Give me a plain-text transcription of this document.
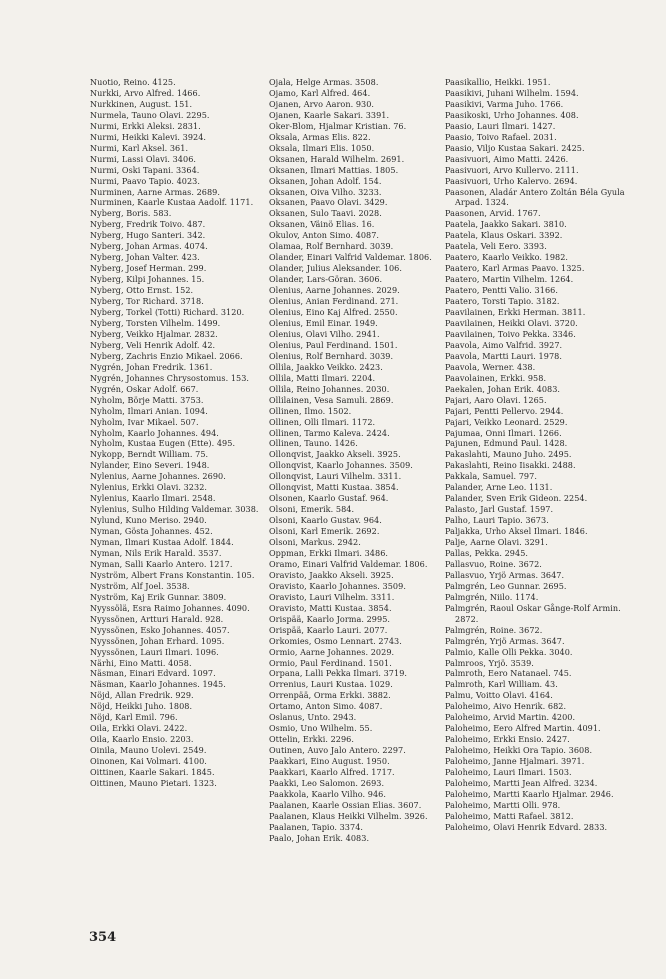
Nuotio, Reino. 4125.
Nurkki, Arvo Alfred. 1466.
Nurkkinen, August. 151.
Nurmela, Tauno Olavi. 2295.
Nurmi, Erkki Aleksi. 2831.
Nurmi, Heikki Kalevi. 3924.
Nurmi, Karl Aksel. 361.
Nurmi, Lassi Olavi. 3406.
Nurmi, Oski Tapani. 3364.
Nurmi, Paavo Tapio. 4023.
Nurminen, Aarne Armas. 2689.
Nurminen, Kaarle Kustaa Aadolf. 1171.
Nyberg, Boris. 583.
Nyberg, Fredrik Toivo. 487.
Nyberg, Hugo Santeri. 342.
Nyberg, Johan Armas. 4074.
Nyberg, Johan Valter. 423.
Nyberg, Josef Herman. 299.
Nyberg, Kilpi Johannes. 15.
Nyberg, Otto Ernst. 152.
Nyberg, Tor Richard. 3718.
Nyberg, Torkel (Totti) Richard. 3120.
Nyberg, Torsten Vilhelm. 1499.
Nyberg, Veikko Hjalmar. 2832.
Nyberg, Veli Henrik Adolf. 42.
Nyberg, Zachris Enzio Mikael. 2066.
Nygrén, Johan Fredrik. 1361.
Nygrén, Johannes Chrysostomus. 153.
Nygrén, Oskar Adolf. 667.
Nyholm, Börje Matti. 3753.
Nyholm, Ilmari Anian. 1094.
Nyholm, Ivar Mikael. 507.
Nyholm, Kaarlo Johannes. 494.
Nyholm, Kustaa Eugen (Ette). 495.
Nykopp, Berndt William. 75.
Nylander, Eino Severi. 1948.
Nylenius, Aarne Johannes. 2690.
Nylenius, Erkki Olavi. 3232.
Nylenius, Kaarlo Ilmari. 2548.
Nylenius, Sulho Hilding Valdemar. 3038.
Nylund, Kuno Meriso. 2940.
Nyman, Gösta Johannes. 452.
Nyman, Ilmari Kustaa Adolf. 1844.
Nyman, Nils Erik Harald. 3537.
Nyman, Salli Kaarlo Antero. 1217.
Nyström, Albert Frans Konstantin. 105.
Nyström, Alf Joel. 3538.
Nyström, Kaj Erik Gunnar. 3809.
Nyyssölä, Esra Raimo Johannes. 4090.
Nyyssönen, Artturi Harald. 928.
Nyyssönen, Esko Johannes. 4057.
Nyyssönen, Johan Erhard. 1095.
Nyyssönen, Lauri Ilmari. 1096.
Närhi, Eino Matti. 4058.
Näsman, Einari Edvard. 1097.
Näsman, Kaarlo Johannes. 1945.
Nöjd, Allan Fredrik. 929.
Nöjd, Heikki Juho. 1808.
Nöjd, Karl Emil. 796.
Oila, Erkki Olavi. 2422.
Oila, Kaarlo Ensio. 2203.
Oinila, Mauno Uolevi. 2549.
Oinonen, Kai Volmari. 4100.
Oittinen, Kaarle Sakari. 1845.
Oittinen, Mauno Pietari. 1323.
Ojala, Helge Armas. 3508.
Ojamo, Karl Alfred. 464.
Ojanen, Arvo Aaron. 930.
Ojanen, Kaarle Sakari. 3391.
Oker-Blom, Hjalmar Kristian. 76.
Oksala, Armas Elis. 822.
Oksala, Ilmari Elis. 1050.
Oksanen, Harald Wilhelm. 2691.
Oksanen, Ilmari Mattias. 1805.
Oksanen, Johan Adolf. 154.
Oksanen, Oiva Vilho. 3233.
Oksanen, Paavo Olavi. 3429.
Oksanen, Sulo Taavi. 2028.
Oksanen, Väinö Elias. 16.
Okulov, Anton Simo. 4087.
Olamaa, Rolf Bernhard. 3039.
Olander, Einari Valfrid Valdemar. 1806.
Olander, Julius Aleksander. 106.
Olander, Lars-Göran. 3606.
Olenius, Aarne Johannes. 2029.
Olenius, Anian Ferdinand. 271.
Olenius, Eino Kaj Alfred. 2550.
Olenius, Emil Einar. 1949.
Olenius, Olavi Vilho. 2941.
Olenius, Paul Ferdinand. 1501.
Olenius, Rolf Bernhard. 3039.
Ollila, Jaakko Veikko. 2423.
Ollila, Matti Ilmari. 2204.
Ollila, Reino Johannes. 2030.
Ollilainen, Vesa Samuli. 2869.
Ollinen, Ilmo. 1502.
Ollinen, Olli Ilmari. 1172.
Ollinen, Tarmo Kaleva. 2424.
Ollinen, Tauno. 1426.
Ollonqvist, Jaakko Akseli. 3925.
Ollonqvist, Kaarlo Johannes. 3509.
Ollonqvist, Lauri Vilhelm. 3311.
Ollonqvist, Matti Kustaa. 3854.
Olsonen, Kaarlo Gustaf. 964.
Olsoni, Emerik. 584.
Olsoni, Kaarlo Gustav. 964.
Olsoni, Karl Emerik. 2692.
Olsoni, Markus. 2942.
Oppman, Erkki Ilmari. 3486.
Oramo, Einari Valfrid Valdemar. 1806.
Oravisto, Jaakko Akseli. 3925.
Oravisto, Kaarlo Johannes. 3509.
Oravisto, Lauri Vilhelm. 3311.
Oravisto, Matti Kustaa. 3854.
Orispää, Kaarlo Jorma. 2995.
Orispää, Kaarlo Lauri. 2077.
Orkomies, Osmo Lennart. 2743.
Ormio, Aarne Johannes. 2029.
Ormio, Paul Ferdinand. 1501.
Orpana, Lalli Pekka Ilmari. 3719.
Orrenius, Lauri Kustaa. 1029.
Orrenpää, Orma Erkki. 3882.
Ortamo, Anton Simo. 4087.
Oslanus, Unto. 2943.
Osmio, Uno Wilhelm. 55.
Ottelin, Erkki. 2296.
Outinen, Auvo Jalo Antero. 2297.
Paakkari, Eino August. 1950.
Paakkari, Kaarlo Alfred. 1717.
Paakki, Leo Salomon. 2693.
Paakkola, Kaarlo Vilho. 946.
Paalanen, Kaarle Ossian Elias. 3607.
Paalanen, Klaus Heikki Vilhelm. 3926.
Paalanen, Tapio. 3374.
Paalo, Johan Erik. 4083.
Paasikallio, Heikki. 1951.
Paasikivi, Juhani Wilhelm. 1594.
Paasikivi, Varma Juho. 1766.
Paasikoski, Urho Johannes. 408.
Paasio, Lauri Ilmari. 1427.
Paasio, Toivo Rafael. 2031.
Paasio, Viljo Kustaa Sakari. 2425.
Paasivuori, Aimo Matti. 2426.
Paasivuori, Arvo Kullervo. 2111.
Paasivuori, Urho Kalervo. 2694.
Paasonen, Aladár Antero Zoltán Béla Gyula Arpad. 1324.
Paasonen, Arvid. 1767.
Paatela, Jaakko Sakari. 3810.
Paatela, Klaus Oskari. 3392.
Paatela, Veli Eero. 3393.
Paatero, Kaarlo Veikko. 1982.
Paatero, Karl Armas Paavo. 1325.
Paatero, Martin Vilhelm. 1264.
Paatero, Pentti Valio. 3166.
Paatero, Torsti Tapio. 3182.
Paavilainen, Erkki Herman. 3811.
Paavilainen, Heikki Olavi. 3720.
Paavilainen, Toivo Pekka. 3346.
Paavola, Aimo Valfrid. 3927.
Paavola, Martti Lauri. 1978.
Paavola, Werner. 438.
Paavolainen, Erkki. 958.
Paekalen, Johan Erik. 4083.
Pajari, Aaro Olavi. 1265.
Pajari, Pentti Pellervo. 2944.
Pajari, Veikko Leonard. 2529.
Pajumaa, Onni Ilmari. 1266.
Pajunen, Edmund Paul. 1428.
Pakaslahti, Mauno Juho. 2495.
Pakaslahti, Reino Iisakki. 2488.
Pakkala, Samuel. 797.
Palander, Arne Leo. 1131.
Palander, Sven Erik Gideon. 2254.
Palasto, Jarl Gustaf. 1597.
Palho, Lauri Tapio. 3673.
Paljakka, Urho Aksel Ilmari. 1846.
Palje, Aarne Olavi. 3291.
Pallas, Pekka. 2945.
Pallasvuo, Roine. 3672.
Pallasvuo, Yrjö Armas. 3647.
Palmgrén, Leo Gunnar. 2695.
Palmgrén, Niilo. 1174.
Palmgrén, Raoul Oskar Gånge-Rolf Armin. 2872.
Palmgrén, Roine. 3672.
Palmgrén, Yrjö Armas. 3647.
Palmio, Kalle Olli Pekka. 3040.
Palmroos, Yrjö. 3539.
Palmroth, Eero Natanael. 745.
Palmroth, Karl William. 43.
Palmu, Voitto Olavi. 4164.
Paloheimo, Aivo Henrik. 682.
Paloheimo, Arvid Martin. 4200.
Paloheimo, Eero Alfred Martin. 4091.
Paloheimo, Erkki Ensio. 2427.
Paloheimo, Heikki Ora Tapio. 3608.
Paloheimo, Janne Hjalmari. 3971.
Paloheimo, Lauri Ilmari. 1503.
Paloheimo, Martti Jean Alfred. 3234.
Paloheimo, Martti Kaarlo Hjalmar. 2946.
Paloheimo, Martti Olli. 978.
Paloheimo, Matti Rafael. 3812.
Paloheimo, Olavi Henrik Edvard. 2833.
354
